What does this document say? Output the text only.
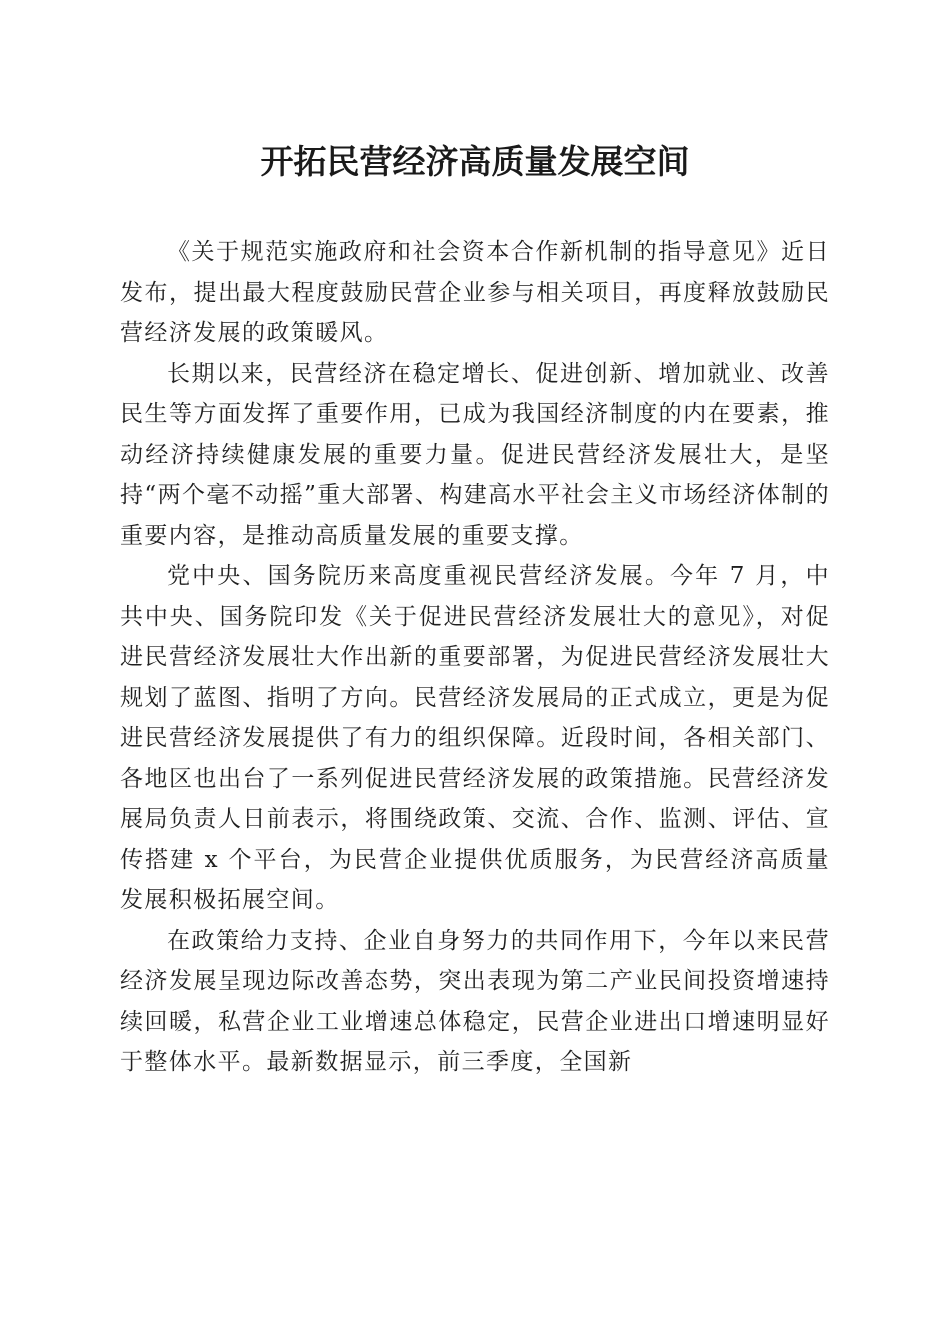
开拓民营经济高质量发展空间

《关于规范实施政府和社会资本合作新机制的指导意见》近日发布，提出最大程度鼓励民营企业参与相关项目，再度释放鼓励民营经济发展的政策暖风。

长期以来，民营经济在稳定增长、促进创新、增加就业、改善民生等方面发挥了重要作用，已成为我国经济制度的内在要素，推动经济持续健康发展的重要力量。促进民营经济发展壮大，是坚持“两个毫不动摇”重大部署、构建高水平社会主义市场经济体制的重要内容，是推动高质量发展的重要支撑。

党中央、国务院历来高度重视民营经济发展。今年 7 月，中共中央、国务院印发《关于促进民营经济发展壮大的意见》，对促进民营经济发展壮大作出新的重要部署，为促进民营经济发展壮大规划了蓝图、指明了方向。民营经济发展局的正式成立，更是为促进民营经济发展提供了有力的组织保障。近段时间，各相关部门、各地区也出台了一系列促进民营经济发展的政策措施。民营经济发展局负责人日前表示，将围绕政策、交流、合作、监测、评估、宣传搭建 x 个平台，为民营企业提供优质服务，为民营经济高质量发展积极拓展空间。

在政策给力支持、企业自身努力的共同作用下，今年以来民营经济发展呈现边际改善态势，突出表现为第二产业民间投资增速持续回暖，私营企业工业增速总体稳定，民营企业进出口增速明显好于整体水平。最新数据显示，前三季度，全国新
